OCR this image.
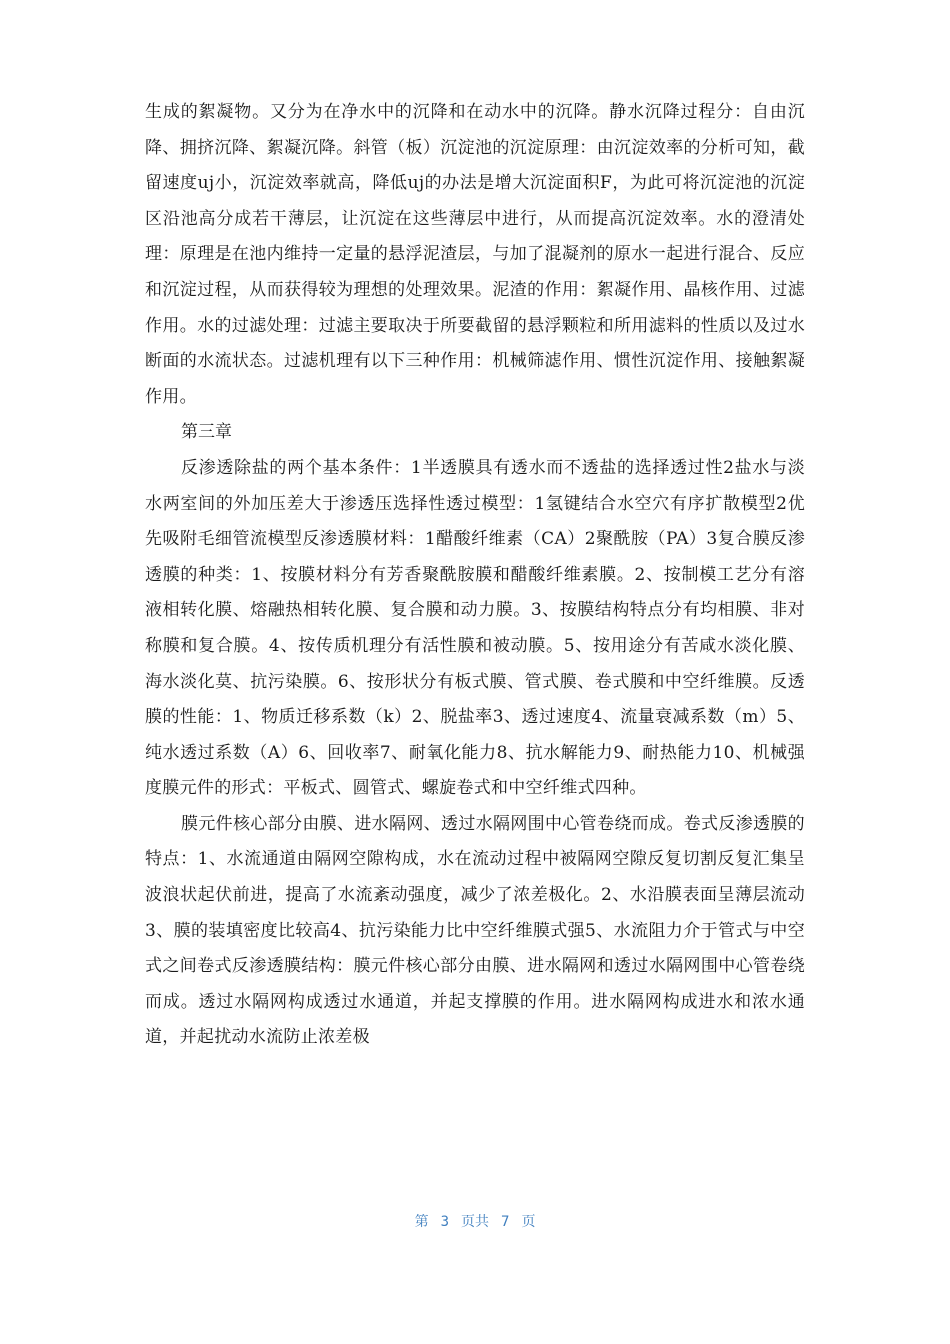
生成的絮凝物。又分为在净水中的沉降和在动水中的沉降。静水沉降过程分：自由沉降、拥挤沉降、絮凝沉降。斜管（板）沉淀池的沉淀原理：由沉淀效率的分析可知，截留速度uj小，沉淀效率就高，降低uj的办法是增大沉淀面积F，为此可将沉淀池的沉淀区沿池高分成若干薄层，让沉淀在这些薄层中进行，从而提高沉淀效率。水的澄清处理：原理是在池内维持一定量的悬浮泥渣层，与加了混凝剂的原水一起进行混合、反应和沉淀过程，从而获得较为理想的处理效果。泥渣的作用：絮凝作用、晶核作用、过滤作用。水的过滤处理：过滤主要取决于所要截留的悬浮颗粒和所用滤料的性质以及过水断面的水流状态。过滤机理有以下三种作用：机械筛滤作用、惯性沉淀作用、接触絮凝作用。

第三章

反渗透除盐的两个基本条件：1半透膜具有透水而不透盐的选择透过性2盐水与淡水两室间的外加压差大于渗透压选择性透过模型：1氢键结合水空穴有序扩散模型2优先吸附毛细管流模型反渗透膜材料：1醋酸纤维素（CA）2聚酰胺（PA）3复合膜反渗透膜的种类：1、按膜材料分有芳香聚酰胺膜和醋酸纤维素膜。2、按制模工艺分有溶液相转化膜、熔融热相转化膜、复合膜和动力膜。3、按膜结构特点分有均相膜、非对称膜和复合膜。4、按传质机理分有活性膜和被动膜。5、按用途分有苦咸水淡化膜、海水淡化莫、抗污染膜。6、按形状分有板式膜、管式膜、卷式膜和中空纤维膜。反透膜的性能：1、物质迁移系数（k）2、脱盐率3、透过速度4、流量衰减系数（m）5、纯水透过系数（A）6、回收率7、耐氧化能力8、抗水解能力9、耐热能力10、机械强度膜元件的形式：平板式、圆管式、螺旋卷式和中空纤维式四种。

膜元件核心部分由膜、进水隔网、透过水隔网围中心管卷绕而成。卷式反渗透膜的特点：1、水流通道由隔网空隙构成，水在流动过程中被隔网空隙反复切割反复汇集呈波浪状起伏前进，提高了水流紊动强度，减少了浓差极化。2、水沿膜表面呈薄层流动3、膜的装填密度比较高4、抗污染能力比中空纤维膜式强5、水流阻力介于管式与中空式之间卷式反渗透膜结构：膜元件核心部分由膜、进水隔网和透过水隔网围中心管卷绕而成。透过水隔网构成透过水通道，并起支撑膜的作用。进水隔网构成进水和浓水通道，并起扰动水流防止浓差极

第 3 页共 7 页
